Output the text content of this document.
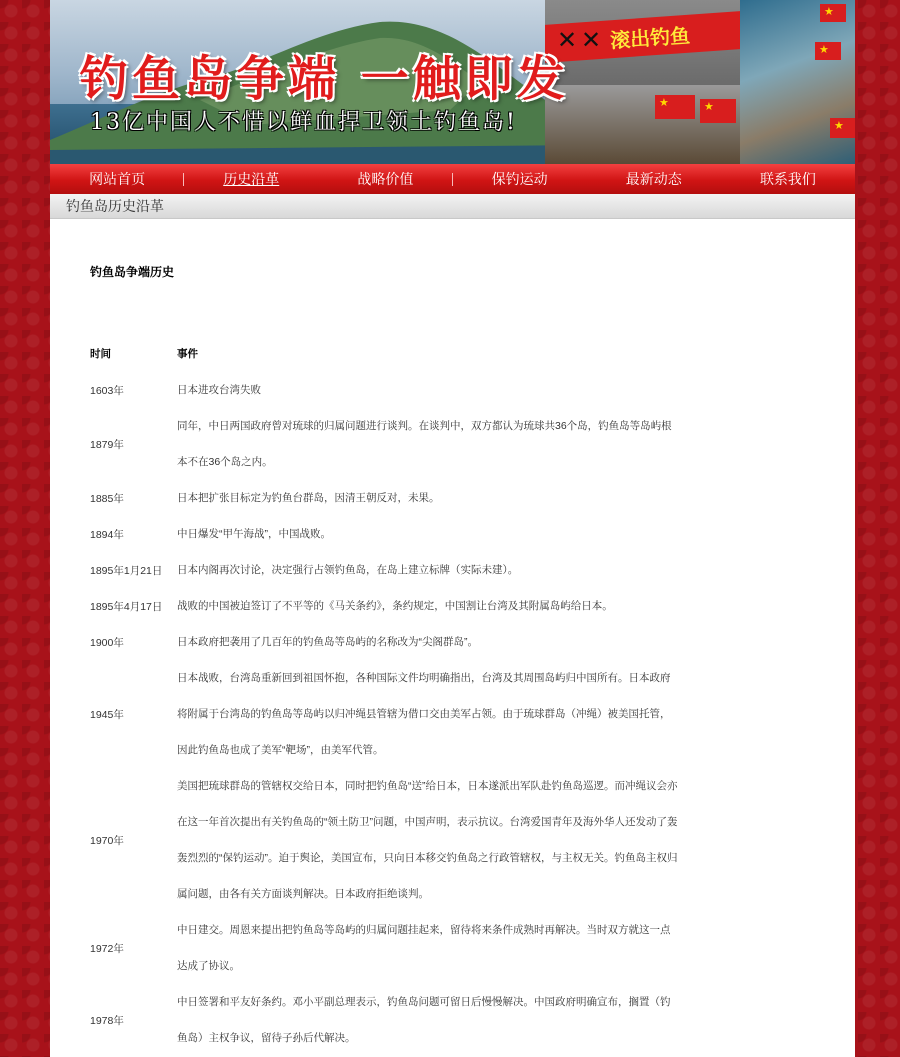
✕ ✕ 滚出钓鱼
★
★
★
★
★
钓鱼岛争端 一触即发
13亿中国人不惜以鲜血捍卫领土钓鱼岛!
网站首页	历史沿革	战略价值	保钓运动	最新动态	联系我们
钓鱼岛历史沿革
钓鱼岛争端历史
时间	事件
1603年	日本进攻台湾失败
1879年	同年，中日两国政府曾对琉球的归属问题进行谈判。在谈判中，双方都认为琉球共36个岛，钓鱼岛等岛屿根本不在36个岛之内。
1885年	日本把扩张目标定为钓鱼台群岛，因清王朝反对，未果。
1894年	中日爆发“甲午海战”，中国战败。
1895年1月21日	日本内阁再次讨论，决定强行占领钓鱼岛，在岛上建立标牌（实际未建）。
1895年4月17日	战败的中国被迫签订了不平等的《马关条约》，条约规定，中国割让台湾及其附属岛屿给日本。
1900年	日本政府把袭用了几百年的钓鱼岛等岛屿的名称改为“尖阁群岛”。
1945年	日本战败，台湾岛重新回到祖国怀抱，各种国际文件均明确指出，台湾及其周围岛屿归中国所有。日本政府将附属于台湾岛的钓鱼岛等岛屿以归冲绳县管辖为借口交由美军占领。由于琉球群岛（冲绳）被美国托管，因此钓鱼岛也成了美军“靶场”，由美军代管。
1970年	美国把琉球群岛的管辖权交给日本，同时把钓鱼岛“送”给日本，日本遂派出军队赴钓鱼岛巡逻。而冲绳议会亦在这一年首次提出有关钓鱼岛的“领土防卫”问题，中国声明，表示抗议。台湾爱国青年及海外华人还发动了轰轰烈烈的“保钓运动”。迫于舆论，美国宣布，只向日本移交钓鱼岛之行政管辖权，与主权无关。钓鱼岛主权归属问题，由各有关方面谈判解决。日本政府拒绝谈判。
1972年	中日建交。周恩来提出把钓鱼岛等岛屿的归属问题挂起来，留待将来条件成熟时再解决。当时双方就这一点达成了协议。
1978年	中日签署和平友好条约。邓小平副总理表示，钓鱼岛问题可留日后慢慢解决。中国政府明确宣布，搁置（钓鱼岛）主权争议，留待子孙后代解决。
